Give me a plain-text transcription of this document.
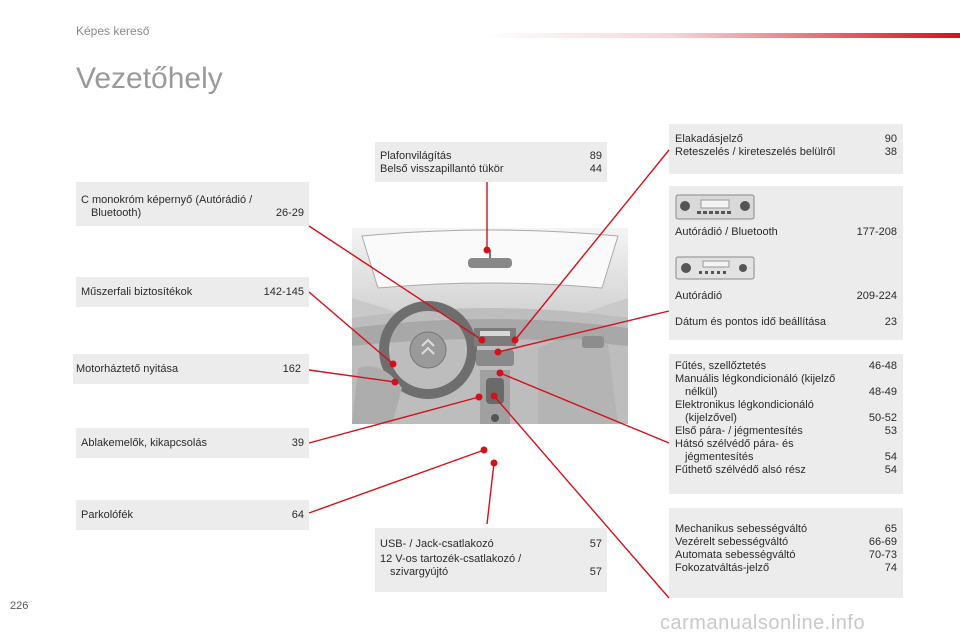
Képes kereső
Vezetőhely
Plafonvilágítás	89
Belső visszapillantó tükör	44
Elakadásjelző	90
Reteszelés / kireteszelés belülről	38
C monokróm képernyő (Autórádió /
Bluetooth)	26-29
Műszerfali biztosítékok	142-145
Motorháztető nyitása	162
Ablakemelők, kikapcsolás	39
Parkolófék	64
Autórádió / Bluetooth	177-208
Autórádió	209-224
Dátum és pontos idő beállítása	23
Fűtés, szellőztetés	46-48
Manuális légkondicionáló (kijelző
nélkül)	48-49
Elektronikus légkondicionáló
(kijelzővel)	50-52
Első pára- / jégmentesítés	53
Hátsó szélvédő pára- és
jégmentesítés	54
Fűthető szélvédő alsó rész	54
USB- / Jack-csatlakozó	57
12 V-os tartozék-csatlakozó /
szivargyújtó	57
Mechanikus sebességváltó	65
Vezérelt sebességváltó	66-69
Automata sebességváltó	70-73
Fokozatváltás-jelző	74
226
carmanualsonline.info
